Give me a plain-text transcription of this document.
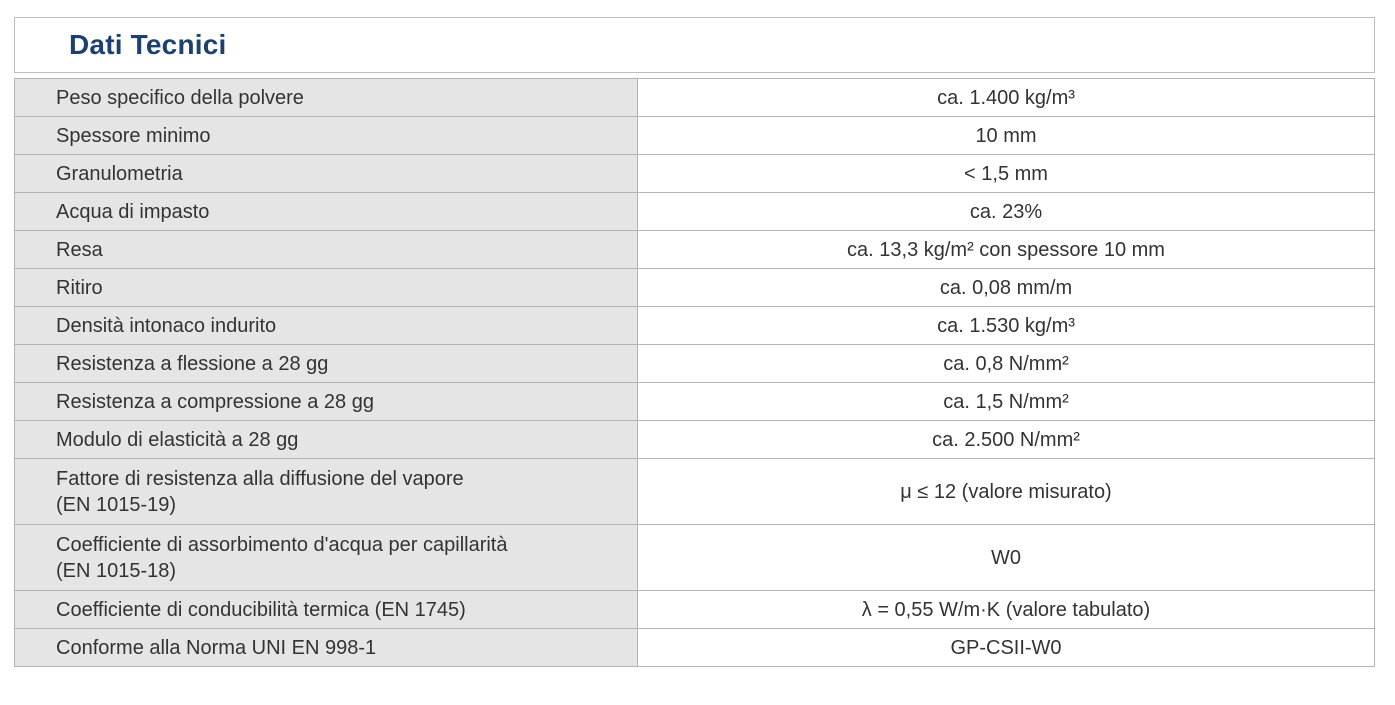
Dati Tecnici
Peso specifico della polvere	ca. 1.400 kg/m³
Spessore minimo	10 mm
Granulometria	< 1,5 mm
Acqua di impasto	ca. 23%
Resa	ca. 13,3 kg/m² con spessore 10 mm
Ritiro	ca. 0,08 mm/m
Densità intonaco indurito	ca. 1.530 kg/m³
Resistenza a flessione a 28 gg	ca. 0,8 N/mm²
Resistenza a compressione a 28 gg	ca. 1,5 N/mm²
Modulo di elasticità a 28 gg	ca. 2.500 N/mm²

Fattore di resistenza alla diffusione del vapore
(EN 1015-19)	μ ≤ 12 (valore misurato)

Coefficiente di assorbimento d'acqua per capillarità
(EN 1015-18)	W0
Coefficiente di conducibilità termica (EN 1745)	λ = 0,55 W/m·K (valore tabulato)
Conforme alla Norma UNI EN 998-1	GP-CSII-W0
